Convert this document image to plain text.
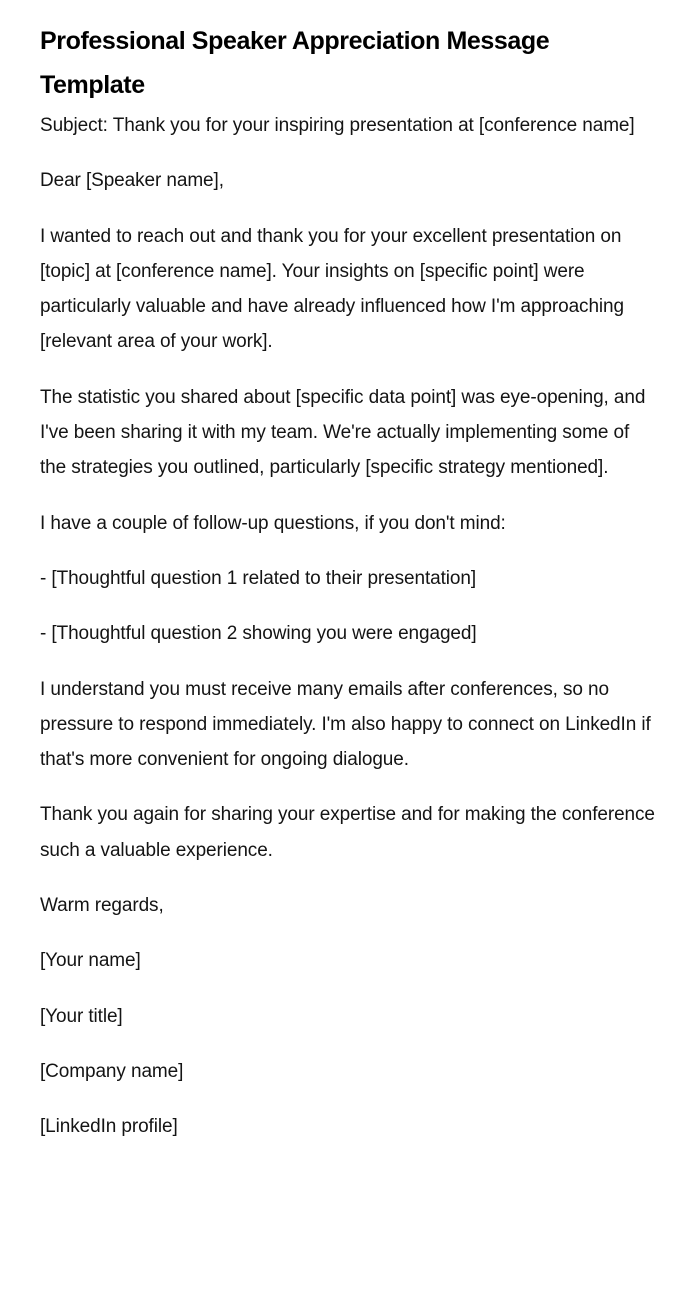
Professional Speaker Appreciation Message Template

Subject: Thank you for your inspiring presentation at [conference name]

Dear [Speaker name],

I wanted to reach out and thank you for your excellent presentation on [topic] at [conference name]. Your insights on [specific point] were particularly valuable and have already influenced how I'm approaching [relevant area of your work].

The statistic you shared about [specific data point] was eye-opening, and I've been sharing it with my team. We're actually implementing some of the strategies you outlined, particularly [specific strategy mentioned].

I have a couple of follow-up questions, if you don't mind:

- [Thoughtful question 1 related to their presentation]

- [Thoughtful question 2 showing you were engaged]

I understand you must receive many emails after conferences, so no pressure to respond immediately. I'm also happy to connect on LinkedIn if that's more convenient for ongoing dialogue.

Thank you again for sharing your expertise and for making the conference such a valuable experience.

Warm regards,

[Your name]

[Your title]

[Company name]

[LinkedIn profile]
